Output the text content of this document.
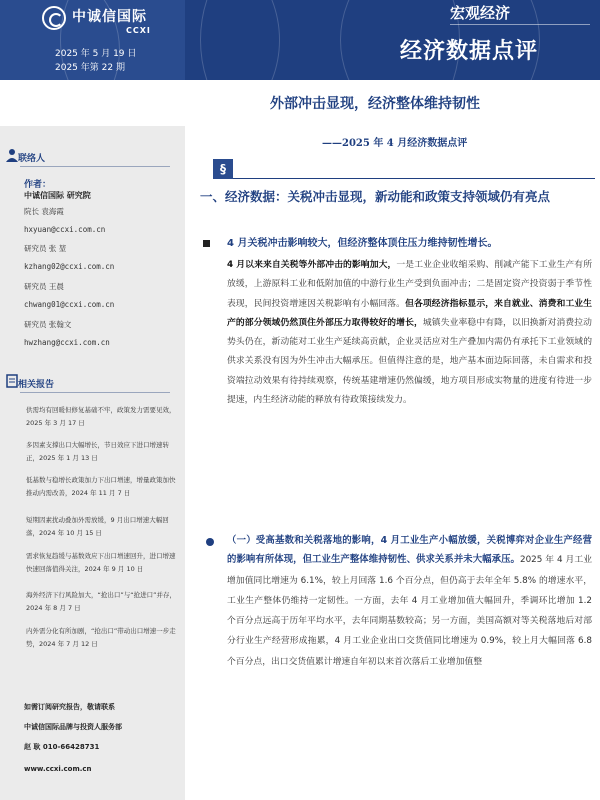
中诚信国际
CCXI
2025 年 5 月 19 日
2025 年第 22 期
宏观经济
经济数据点评
联络人
作者：
中诚信国际 研究院
院长 袁海霞
hxyuan@ccxi.com.cn
研究员 张 堃
kzhang02@ccxi.com.cn
研究员 王晨
chwang01@ccxi.com.cn
研究员 张翰文
hwzhang@ccxi.com.cn
相关报告
供需均有回暖但修复基础不牢，政策发力需要见效，2025 年 3 月 17 日
多因素支撑出口大幅增长，节日效应下进口增速转正，2025 年 1 月 13 日
低基数与稳增长政策加力下出口增速，增量政策加快推动内需改善，2024 年 11 月 7 日
短期因素扰动叠加外需放缓，9 月出口增速大幅回落，2024 年 10 月 15 日
需求恢复趋缓与基数效应下出口增速回升，进口增速快速回落值得关注，2024 年 9 月 10 日
海外经济下行风险加大，“抢出口”与“抢进口”并存，2024 年 8 月 7 日
内外需分化有所加剧，“抢出口”带动出口增速一步走势，2024 年 7 月 12 日
如需订阅研究报告，敬请联系
中诚信国际品牌与投资人服务部
赵 耿 010-66428731
www.ccxi.com.cn
外部冲击显现，经济整体维持韧性
——2025 年 4 月经济数据点评
§
一、经济数据：关税冲击显现，新动能和政策支持领域仍有亮点
4 月关税冲击影响较大，但经济整体顶住压力维持韧性增长。
4 月以来来自关税等外部冲击的影响加大，一是工业企业收缩采购、削减产能下工业生产有所放缓，上游原料工业和低附加值的中游行业生产受到负面冲击；二是固定资产投资弱于季节性表现，民间投资增速因关税影响有小幅回落。但各项经济指标显示，来自就业、消费和工业生产的部分领域仍然顶住外部压力取得较好的增长，城镇失业率稳中有降，以旧换新对消费拉动势头仍在，新动能对工业生产延续高贡献，企业灵活应对生产叠加内需仍有承托下工业领域的供求关系没有因为外生冲击大幅承压。但值得注意的是，地产基本面边际回落，未自需求和投资端拉动效果有待持续观察，传统基建增速仍然偏缓，地方项目形成实物量的进度有待进一步提速，内生经济动能的释放有待政策接续发力。
（一）受高基数和关税落地的影响，4 月工业生产小幅放缓，关税博弈对企业生产经营的影响有所体现，但工业生产整体维持韧性、供求关系并未大幅承压。2025 年 4 月工业增加值同比增速为 6.1%，较上月回落 1.6 个百分点，但仍高于去年全年 5.8% 的增速水平，工业生产整体仍维持一定韧性。一方面，去年 4 月工业增加值大幅回升，季调环比增加 1.2 个百分点远高于历年平均水平，去年同期基数较高；另一方面，美国高额对等关税落地后对部分行业生产经营形成拖累，4 月工业企业出口交货值同比增速为 0.9%，较上月大幅回落 6.8 个百分点，出口交货值累计增速自年初以来首次落后工业增加值整
